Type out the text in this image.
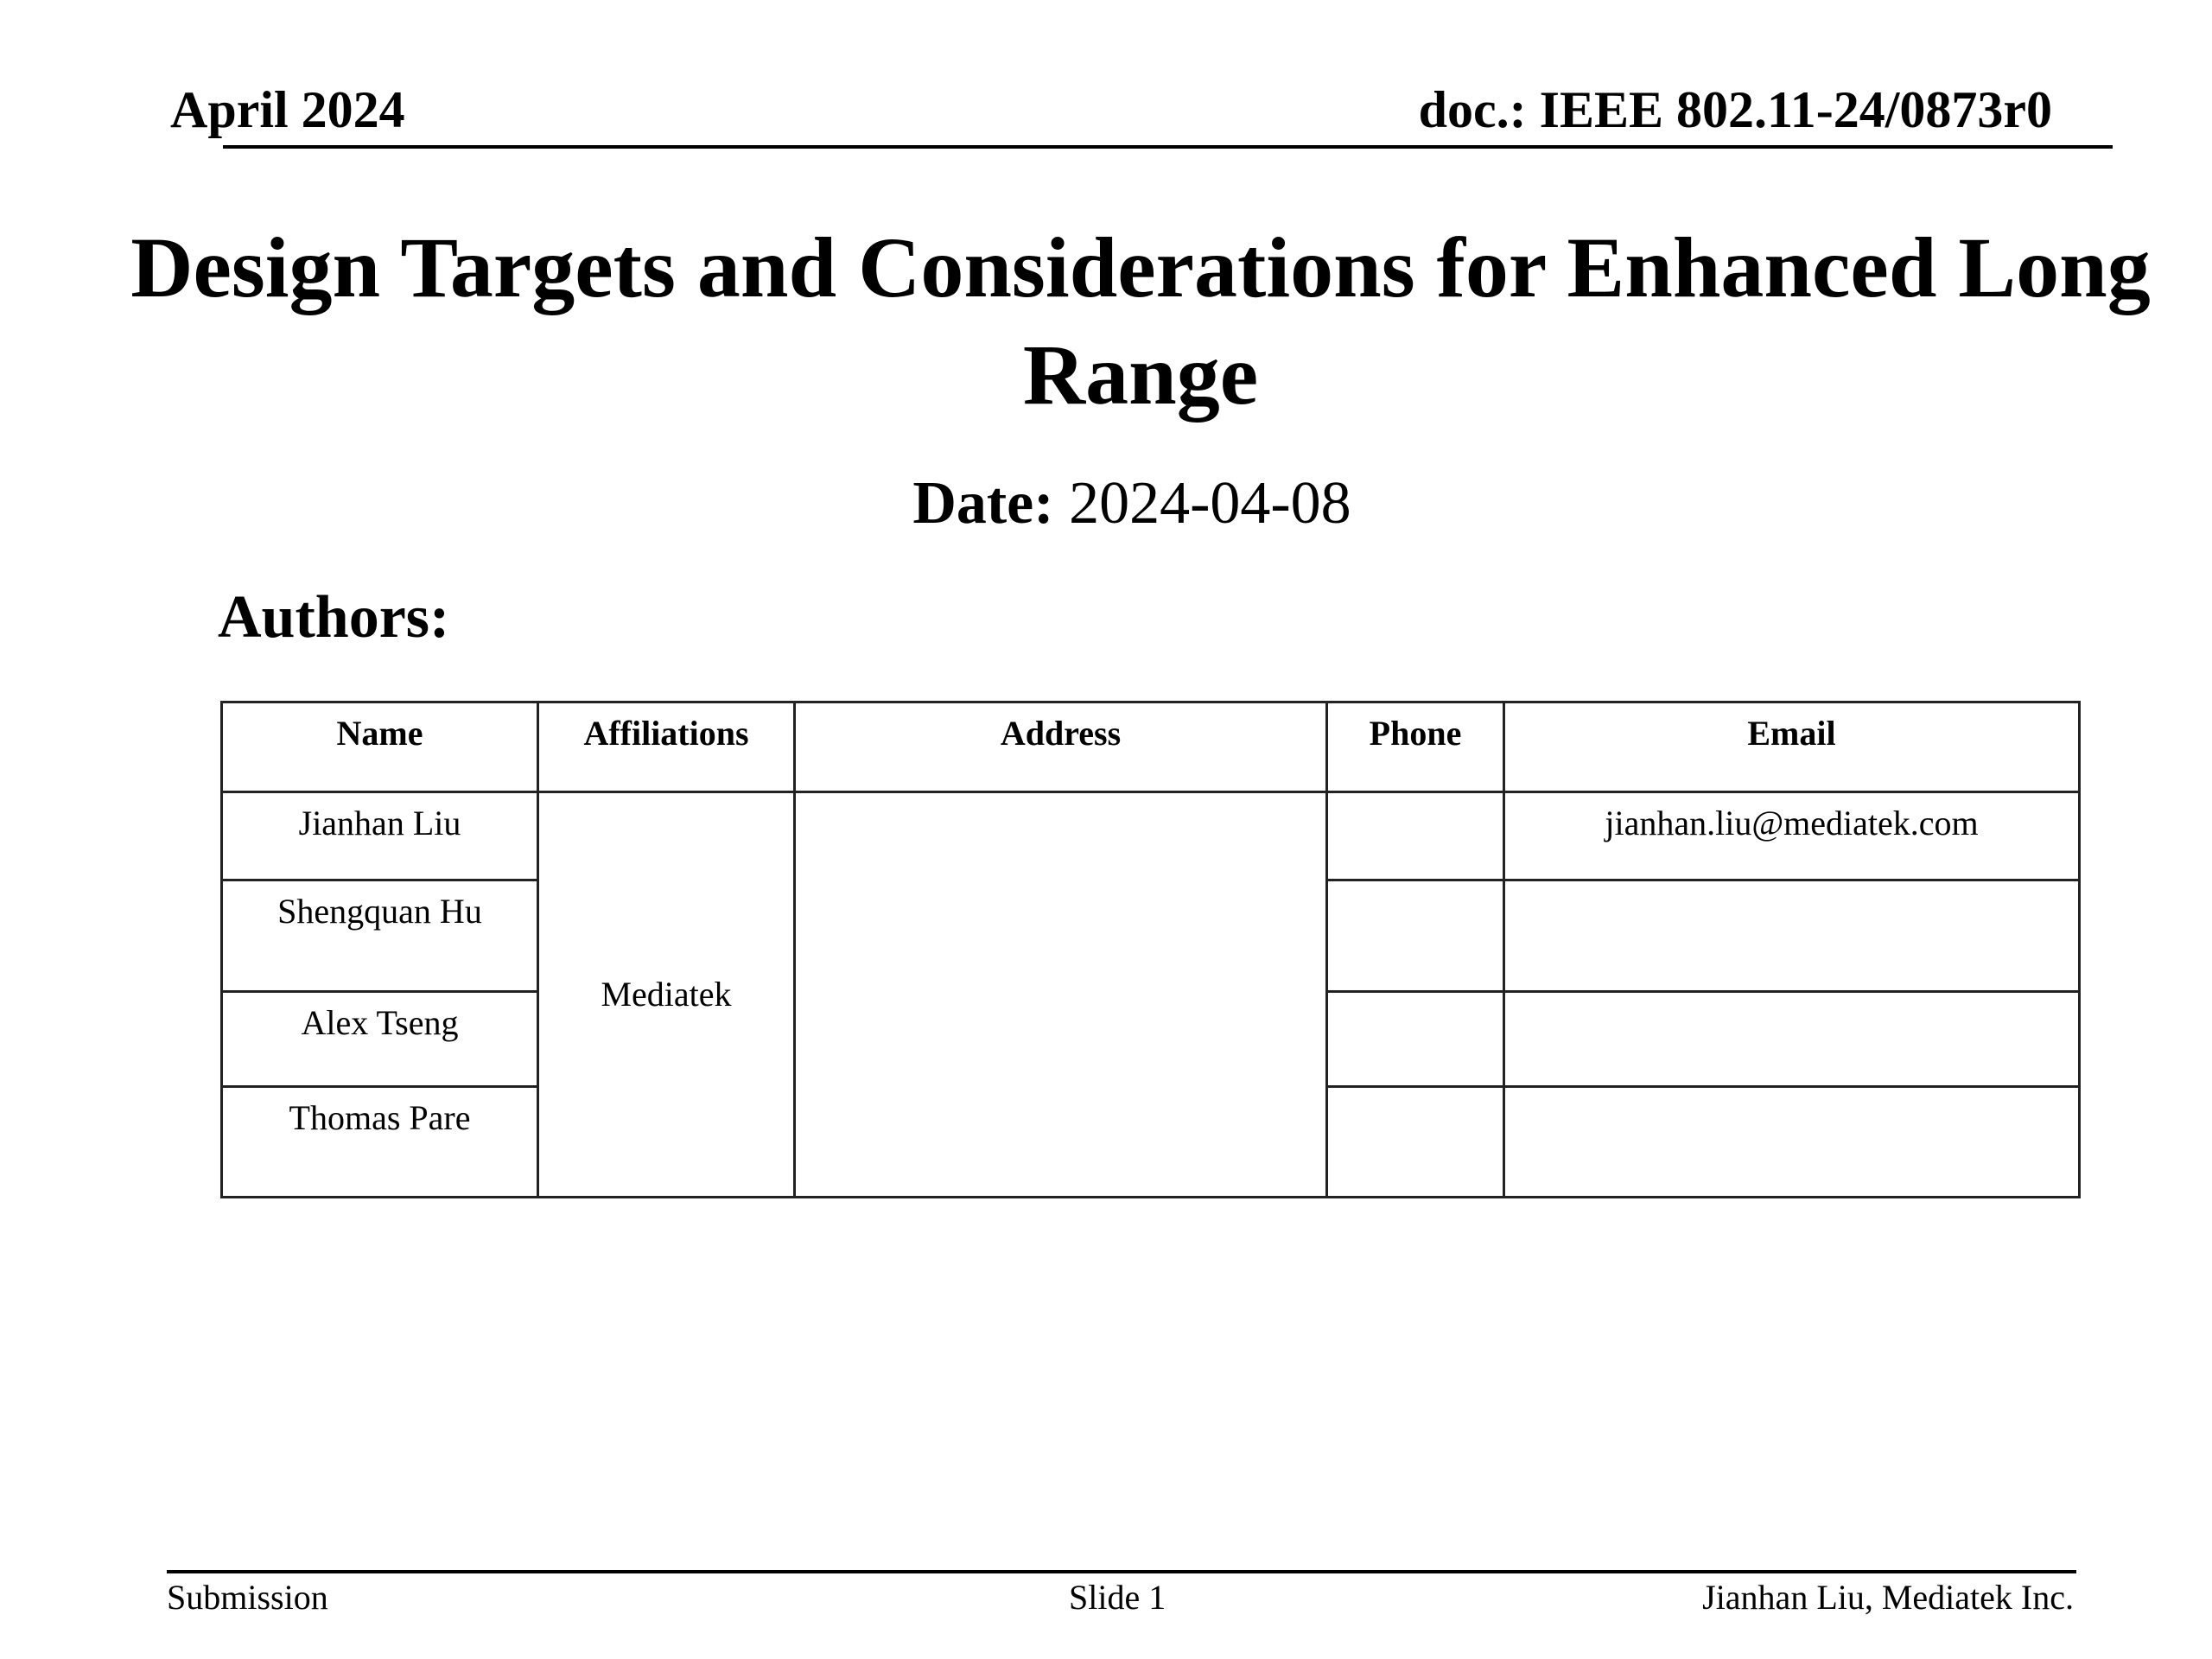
April 2024	doc.: IEEE 802.11-24/0873r0
Design Targets and Considerations for Enhanced Long Range
Date: 2024-04-08
Authors:
Name	Affiliations	Address	Phone	Email
Jianhan Liu	Mediatek			jianhan.liu@mediatek.com
Shengquan Hu				
Alex Tseng				
Thomas Pare				
Submission	Slide 1	Jianhan Liu, Mediatek Inc.
